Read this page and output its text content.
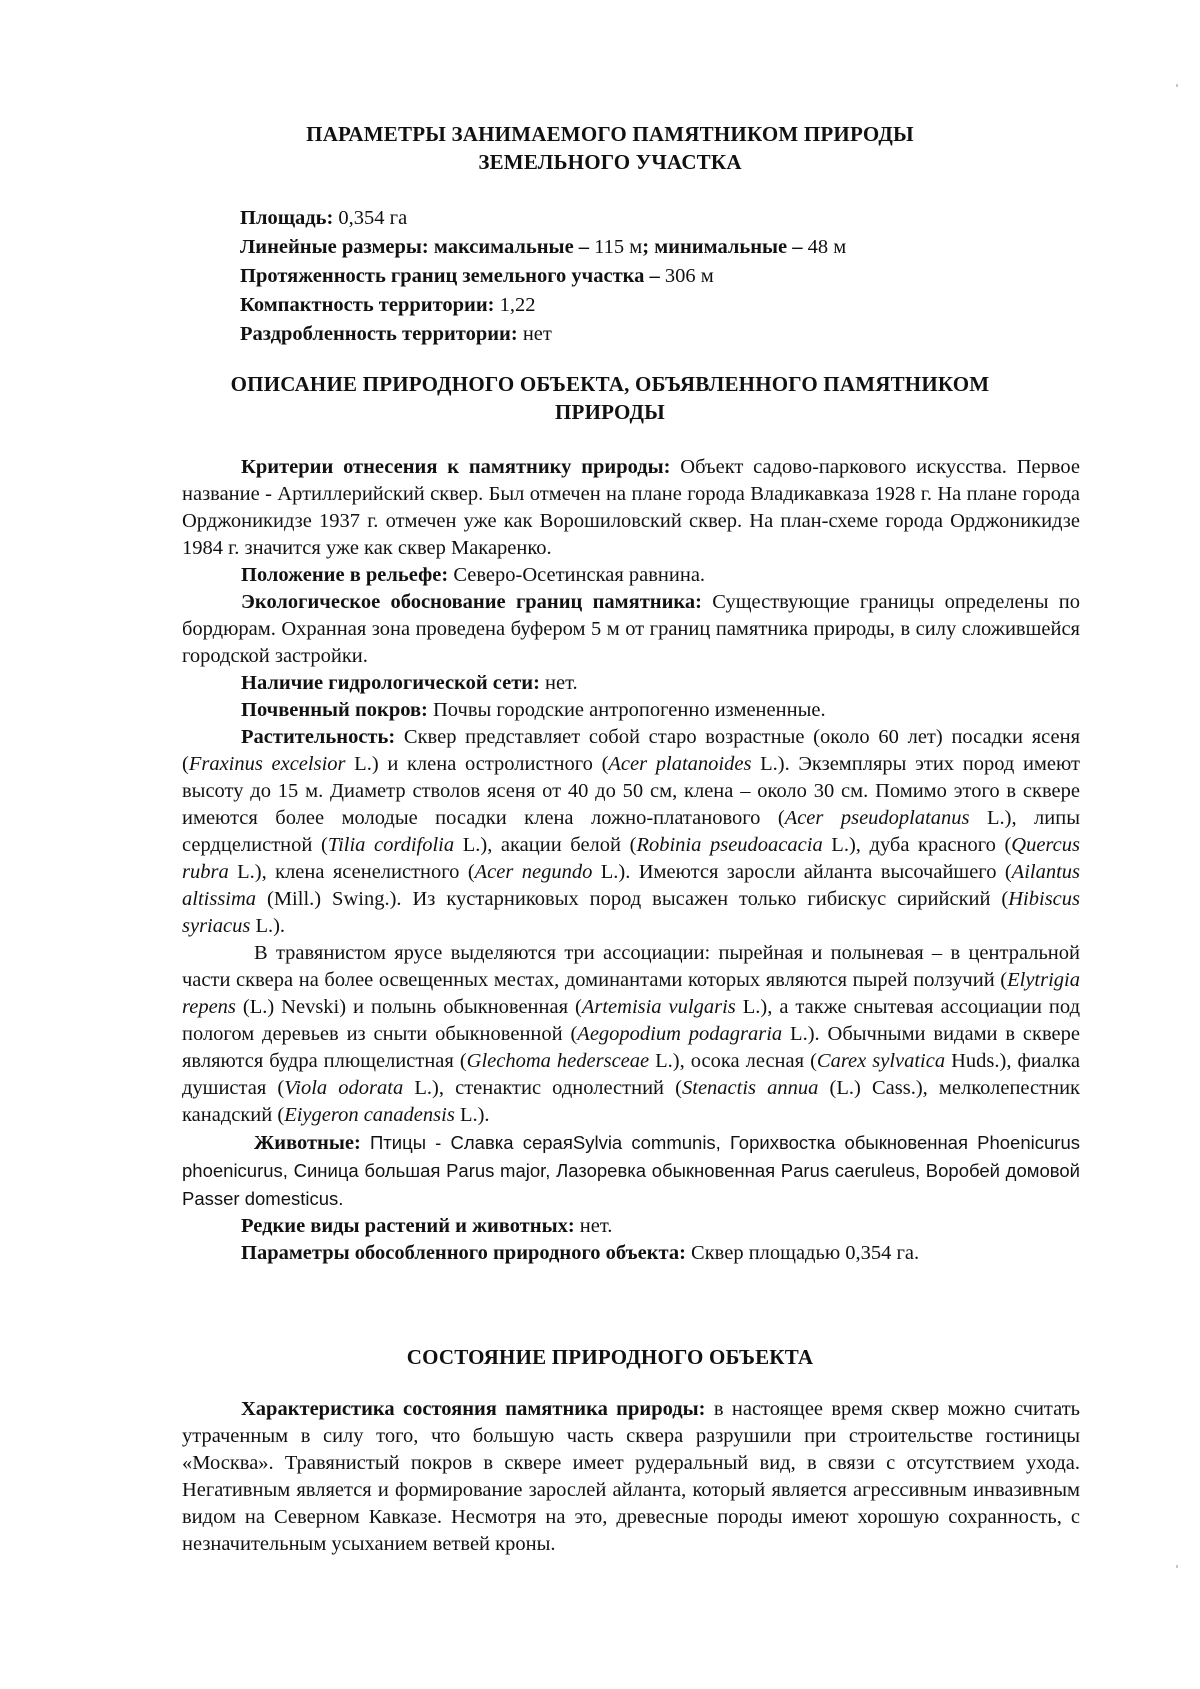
ПАРАМЕТРЫ ЗАНИМАЕМОГО ПАМЯТНИКОМ ПРИРОДЫ
ЗЕМЕЛЬНОГО УЧАСТКА
Площадь: 0,354 га
Линейные размеры: максимальные – 115 м; минимальные – 48 м
Протяженность границ земельного участка – 306 м
Компактность территории: 1,22
Раздробленность территории: нет
ОПИСАНИЕ ПРИРОДНОГО ОБЪЕКТА, ОБЪЯВЛЕННОГО ПАМЯТНИКОМ
ПРИРОДЫ
Критерии отнесения к памятнику природы: Объект садово-паркового искусства. Первое название - Артиллерийский сквер. Был отмечен на плане города Владикавказа 1928 г. На плане города Орджоникидзе 1937 г. отмечен уже как Ворошиловский сквер. На план-схеме города Орджоникидзе 1984 г. значится уже как сквер Макаренко.
Положение в рельефе: Северо-Осетинская равнина.
Экологическое обоснование границ памятника: Существующие границы определены по бордюрам. Охранная зона проведена буфером 5 м от границ памятника природы, в силу сложившейся городской застройки.
Наличие гидрологической сети: нет.
Почвенный покров: Почвы городские антропогенно измененные.
Растительность: Сквер представляет собой старо возрастные (около 60 лет) посадки ясеня (Fraxinus excelsior L.) и клена остролистного (Acer platanoides L.). Экземпляры этих пород имеют высоту до 15 м. Диаметр стволов ясеня от 40 до 50 см, клена – около 30 см. Помимо этого в сквере имеются более молодые посадки клена ложно-платанового (Acer pseudoplatanus L.), липы сердцелистной (Tilia cordifolia L.), акации белой (Robinia pseudoacacia L.), дуба красного (Quercus rubra L.), клена ясенелистного (Acer negundo L.). Имеются заросли айланта высочайшего (Ailantus altissima (Mill.) Swing.). Из кустарниковых пород высажен только гибискус сирийский (Hibiscus syriacus L.).
В травянистом ярусе выделяются три ассоциации: пырейная и полыневая – в центральной части сквера на более освещенных местах, доминантами которых являются пырей ползучий (Elytrigia repens (L.) Nevski) и полынь обыкновенная (Artemisia vulgaris L.), а также снытевая ассоциации под пологом деревьев из сныти обыкновенной (Aegopodium podagraria L.). Обычными видами в сквере являются будра плющелистная (Glechoma hedersceae L.), осока лесная (Carex sylvatica Huds.), фиалка душистая (Viola odorata L.), стенактис однолестний (Stenactis annua (L.) Cass.), мелколепестник канадский (Eiygeron canadensis L.).
Животные: Птицы - Славка сераяSylvia communis, Горихвостка обыкновенная Phoenicurus phoenicurus, Синица большая Parus major, Лазоревка обыкновенная Parus caeruleus, Воробей домовой Passer domesticus.
Редкие виды растений и животных: нет.
Параметры обособленного природного объекта: Сквер площадью 0,354 га.
СОСТОЯНИЕ ПРИРОДНОГО ОБЪЕКТА
Характеристика состояния памятника природы: в настоящее время сквер можно считать утраченным в силу того, что большую часть сквера разрушили при строительстве гостиницы «Москва». Травянистый покров в сквере имеет рудеральный вид, в связи с отсутствием ухода. Негативным является и формирование зарослей айланта, который является агрессивным инвазивным видом на Северном Кавказе. Несмотря на это, древесные породы имеют хорошую сохранность, с незначительным усыханием ветвей кроны.
